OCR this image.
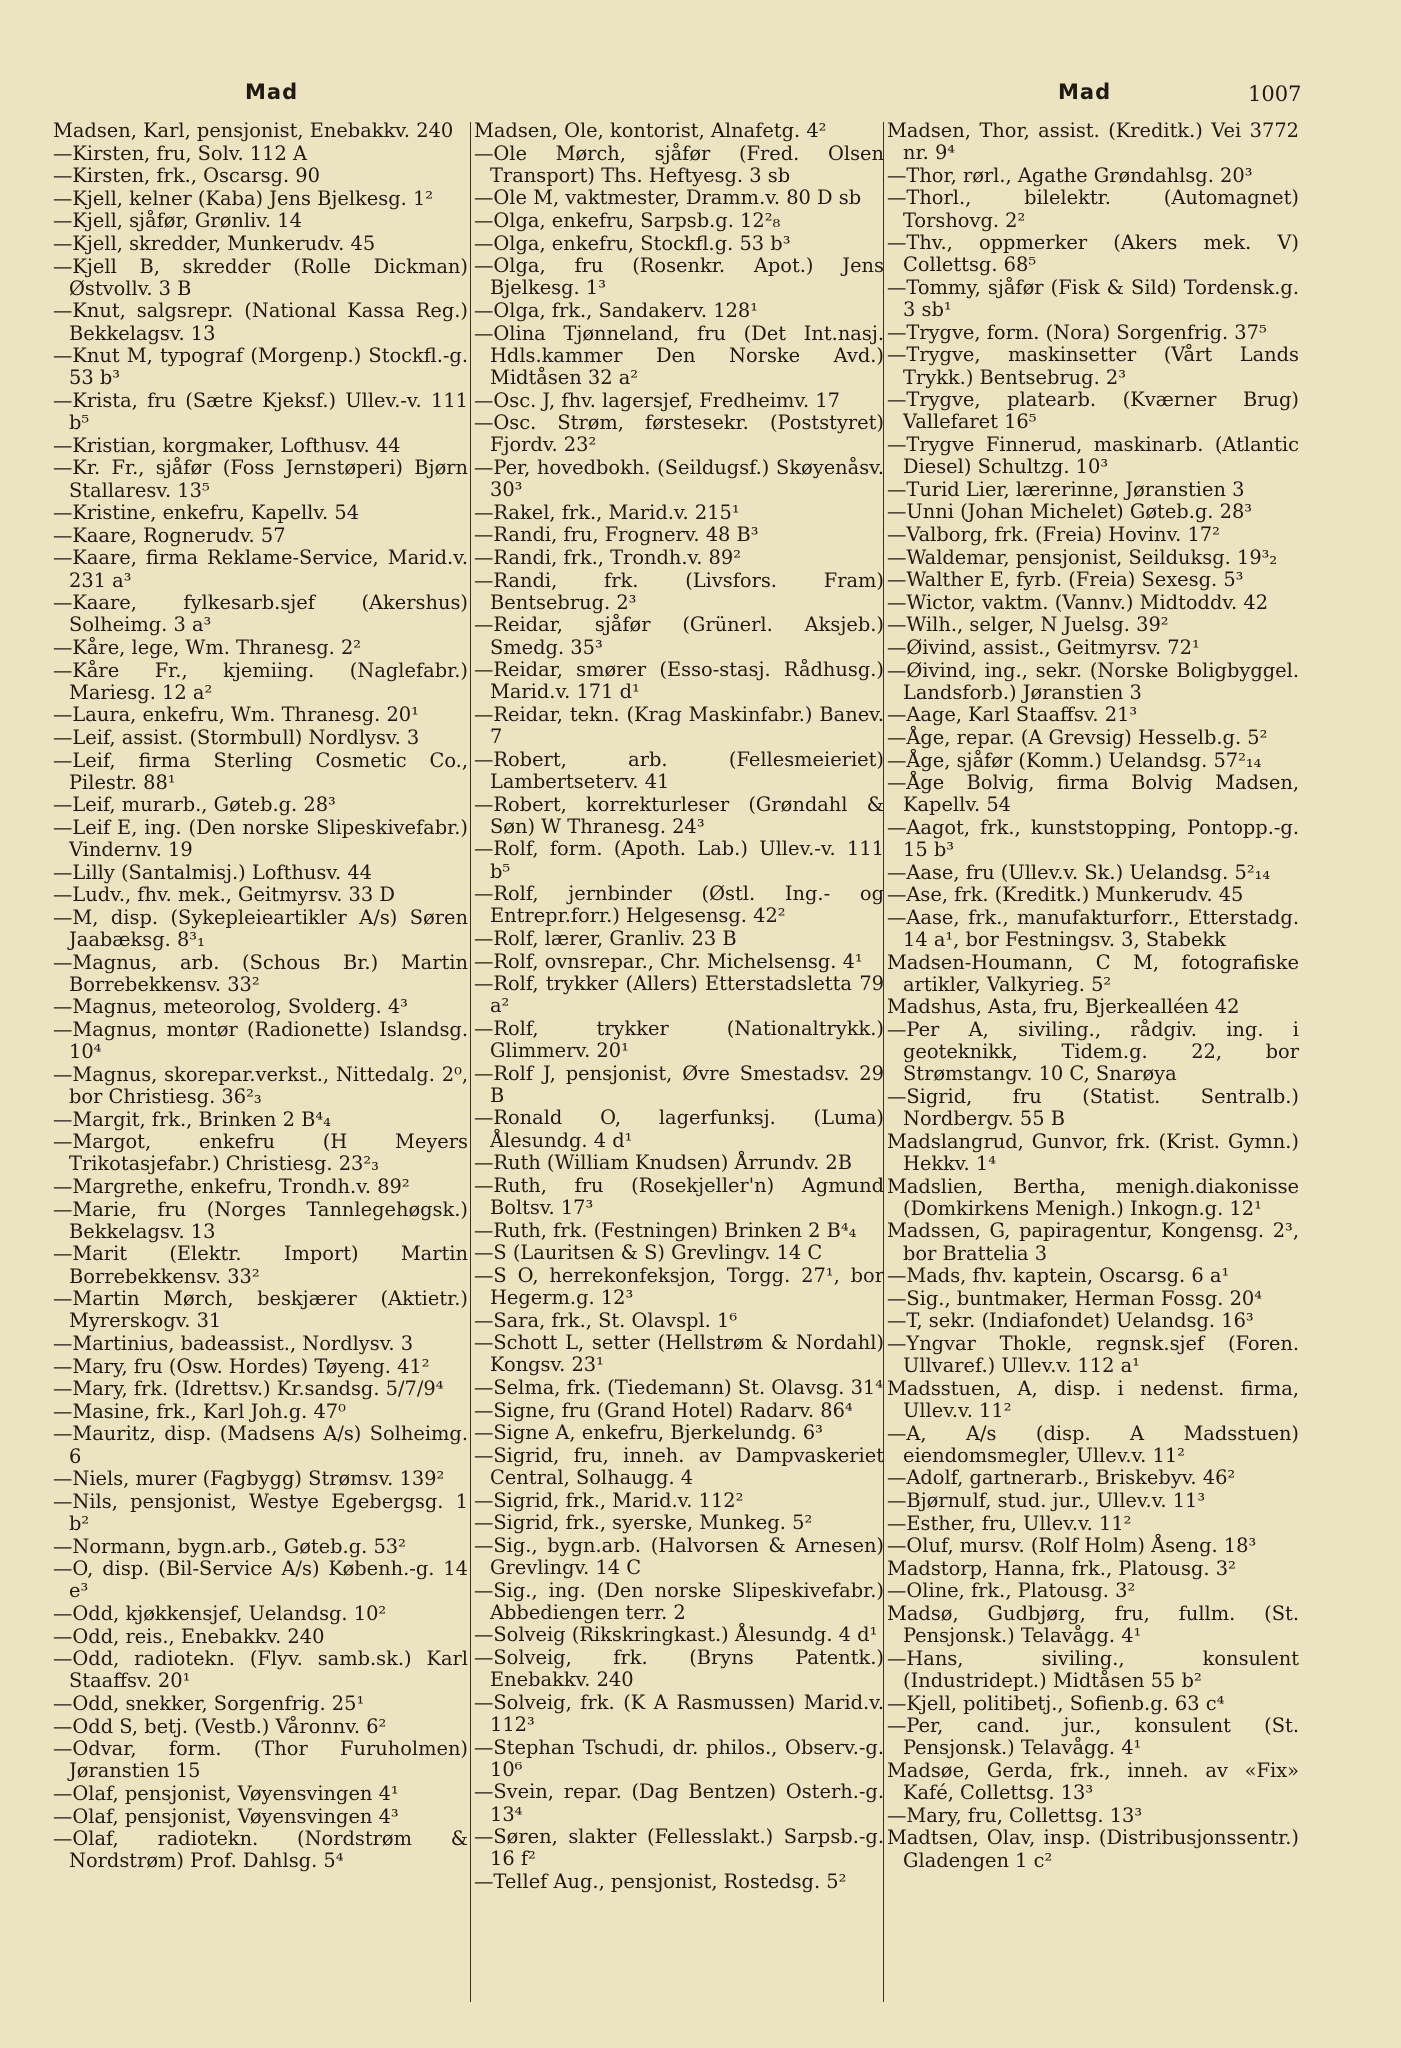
Mad	Mad	1007
Madsen, Karl, pensjonist, Enebakkv. 240
—Kirsten, fru, Solv. 112 A
—Kirsten, frk., Oscarsg. 90
—Kjell, kelner (Kaba) Jens Bjelkesg. 1²
—Kjell, sjåfør, Grønliv. 14
—Kjell, skredder, Munkerudv. 45
—Kjell B, skredder (Rolle Dickman) Østvollv. 3 B
—Knut, salgsrepr. (National Kassa Reg.) Bekkelagsv. 13
—Knut M, typograf (Morgenp.) Stockfl.-g. 53 b³
—Krista, fru (Sætre Kjeksf.) Ullev.-v. 111 b⁵
—Kristian, korgmaker, Lofthusv. 44
—Kr. Fr., sjåfør (Foss Jernstøperi) Bjørn Stallaresv. 13⁵
—Kristine, enkefru, Kapellv. 54
—Kaare, Rognerudv. 57
—Kaare, firma Reklame-Service, Marid.v. 231 a³
—Kaare, fylkesarb.sjef (Akershus) Solheimg. 3 a³
—Kåre, lege, Wm. Thranesg. 2²
—Kåre Fr., kjemiing. (Naglefabr.) Mariesg. 12 a²
—Laura, enkefru, Wm. Thranesg. 20¹
—Leif, assist. (Stormbull) Nordlysv. 3
—Leif, firma Sterling Cosmetic Co., Pilestr. 88¹
—Leif, murarb., Gøteb.g. 28³
—Leif E, ing. (Den norske Slipeskivefabr.) Vindernv. 19
—Lilly (Santalmisj.) Lofthusv. 44
—Ludv., fhv. mek., Geitmyrsv. 33 D
—M, disp. (Sykepleieartikler A/s) Søren Jaabæksg. 8³₁
—Magnus, arb. (Schous Br.) Martin Borrebekkensv. 33²
—Magnus, meteorolog, Svolderg. 4³
—Magnus, montør (Radionette) Islandsg. 10⁴
—Magnus, skorepar.verkst., Nittedalg. 2⁰, bor Christiesg. 36²₃
—Margit, frk., Brinken 2 B⁴₄
—Margot, enkefru (H Meyers Trikotasjefabr.) Christiesg. 23²₃
—Margrethe, enkefru, Trondh.v. 89²
—Marie, fru (Norges Tannlegehøgsk.) Bekkelagsv. 13
—Marit (Elektr. Import) Martin Borrebekkensv. 33²
—Martin Mørch, beskjærer (Aktietr.) Myrerskogv. 31
—Martinius, badeassist., Nordlysv. 3
—Mary, fru (Osw. Hordes) Tøyeng. 41²
—Mary, frk. (Idrettsv.) Kr.sandsg. 5/7/9⁴
—Masine, frk., Karl Joh.g. 47⁰
—Mauritz, disp. (Madsens A/s) Solheimg. 6
—Niels, murer (Fagbygg) Strømsv. 139²
—Nils, pensjonist, Westye Egebergsg. 1 b²
—Normann, bygn.arb., Gøteb.g. 53²
—O, disp. (Bil-Service A/s) Københ.-g. 14 e³
—Odd, kjøkkensjef, Uelandsg. 10²
—Odd, reis., Enebakkv. 240
—Odd, radiotekn. (Flyv. samb.sk.) Karl Staaffsv. 20¹
—Odd, snekker, Sorgenfrig. 25¹
—Odd S, betj. (Vestb.) Våronnv. 6²
—Odvar, form. (Thor Furuholmen) Jøranstien 15
—Olaf, pensjonist, Vøyensvingen 4¹
—Olaf, pensjonist, Vøyensvingen 4³
—Olaf, radiotekn. (Nordstrøm & Nordstrøm) Prof. Dahlsg. 5⁴
Madsen, Ole, kontorist, Alnafetg. 4²
—Ole Mørch, sjåfør (Fred. Olsen Transport) Ths. Heftyesg. 3 sb
—Ole M, vaktmester, Dramm.v. 80 D sb
—Olga, enkefru, Sarpsb.g. 12²₈
—Olga, enkefru, Stockfl.g. 53 b³
—Olga, fru (Rosenkr. Apot.) Jens Bjelkesg. 1³
—Olga, frk., Sandakerv. 128¹
—Olina Tjønneland, fru (Det Int.nasj. Hdls.kammer Den Norske Avd.) Midtåsen 32 a²
—Osc. J, fhv. lagersjef, Fredheimv. 17
—Osc. Strøm, førstesekr. (Poststyret) Fjordv. 23²
—Per, hovedbokh. (Seildugsf.) Skøyenåsv. 30³
—Rakel, frk., Marid.v. 215¹
—Randi, fru, Frognerv. 48 B³
—Randi, frk., Trondh.v. 89²
—Randi, frk. (Livsfors. Fram) Bentsebrug. 2³
—Reidar, sjåfør (Grünerl. Aksjeb.) Smedg. 35³
—Reidar, smører (Esso-stasj. Rådhusg.) Marid.v. 171 d¹
—Reidar, tekn. (Krag Maskinfabr.) Banev. 7
—Robert, arb. (Fellesmeieriet) Lambertseterv. 41
—Robert, korrekturleser (Grøndahl & Søn) W Thranesg. 24³
—Rolf, form. (Apoth. Lab.) Ullev.-v. 111 b⁵
—Rolf, jernbinder (Østl. Ing.- og Entrepr.forr.) Helgesensg. 42²
—Rolf, lærer, Granliv. 23 B
—Rolf, ovnsrepar., Chr. Michelsensg. 4¹
—Rolf, trykker (Allers) Etterstadsletta 79 a²
—Rolf, trykker (Nationaltrykk.) Glimmerv. 20¹
—Rolf J, pensjonist, Øvre Smestadsv. 29 B
—Ronald O, lagerfunksj. (Luma) Ålesundg. 4 d¹
—Ruth (William Knudsen) Årrundv. 2B
—Ruth, fru (Rosekjeller'n) Agmund Boltsv. 17³
—Ruth, frk. (Festningen) Brinken 2 B⁴₄
—S (Lauritsen & S) Grevlingv. 14 C
—S O, herrekonfeksjon, Torgg. 27¹, bor Hegerm.g. 12³
—Sara, frk., St. Olavspl. 1⁶
—Schott L, setter (Hellstrøm & Nordahl) Kongsv. 23¹
—Selma, frk. (Tiedemann) St. Olavsg. 31⁴
—Signe, fru (Grand Hotel) Radarv. 86⁴
—Signe A, enkefru, Bjerkelundg. 6³
—Sigrid, fru, inneh. av Dampvaskeriet Central, Solhaugg. 4
—Sigrid, frk., Marid.v. 112²
—Sigrid, frk., syerske, Munkeg. 5²
—Sig., bygn.arb. (Halvorsen & Arnesen) Grevlingv. 14 C
—Sig., ing. (Den norske Slipeskivefabr.) Abbediengen terr. 2
—Solveig (Rikskringkast.) Ålesundg. 4 d¹
—Solveig, frk. (Bryns Patentk.) Enebakkv. 240
—Solveig, frk. (K A Rasmussen) Marid.v. 112³
—Stephan Tschudi, dr. philos., Observ.-g. 10⁶
—Svein, repar. (Dag Bentzen) Osterh.-g. 13⁴
—Søren, slakter (Fellesslakt.) Sarpsb.-g. 16 f²
—Tellef Aug., pensjonist, Rostedsg. 5²
Madsen, Thor, assist. (Kreditk.) Vei 3772 nr. 9⁴
—Thor, rørl., Agathe Grøndahlsg. 20³
—Thorl., bilelektr. (Automagnet) Torshovg. 2²
—Thv., oppmerker (Akers mek. V) Collettsg. 68⁵
—Tommy, sjåfør (Fisk & Sild) Tordensk.g. 3 sb¹
—Trygve, form. (Nora) Sorgenfrig. 37⁵
—Trygve, maskinsetter (Vårt Lands Trykk.) Bentsebrug. 2³
—Trygve, platearb. (Kværner Brug) Vallefaret 16⁵
—Trygve Finnerud, maskinarb. (Atlantic Diesel) Schultzg. 10³
—Turid Lier, lærerinne, Jøranstien 3
—Unni (Johan Michelet) Gøteb.g. 28³
—Valborg, frk. (Freia) Hovinv. 17²
—Waldemar, pensjonist, Seilduksg. 19³₂
—Walther E, fyrb. (Freia) Sexesg. 5³
—Wictor, vaktm. (Vannv.) Midtoddv. 42
—Wilh., selger, N Juelsg. 39²
—Øivind, assist., Geitmyrsv. 72¹
—Øivind, ing., sekr. (Norske Boligbyggel. Landsforb.) Jøranstien 3
—Aage, Karl Staaffsv. 21³
—Åge, repar. (A Grevsig) Hesselb.g. 5²
—Åge, sjåfør (Komm.) Uelandsg. 57²₁₄
—Åge Bolvig, firma Bolvig Madsen, Kapellv. 54
—Aagot, frk., kunststopping, Pontopp.-g. 15 b³
—Aase, fru (Ullev.v. Sk.) Uelandsg. 5²₁₄
—Ase, frk. (Kreditk.) Munkerudv. 45
—Aase, frk., manufakturforr., Etterstadg. 14 a¹, bor Festningsv. 3, Stabekk
Madsen-Houmann, C M, fotografiske artikler, Valkyrieg. 5²
Madshus, Asta, fru, Bjerkealléen 42
—Per A, siviling., rådgiv. ing. i geoteknikk, Tidem.g. 22, bor Strømstangv. 10 C, Snarøya
—Sigrid, fru (Statist. Sentralb.) Nordbergv. 55 B
Madslangrud, Gunvor, frk. (Krist. Gymn.) Hekkv. 1⁴
Madslien, Bertha, menigh.diakonisse (Domkirkens Menigh.) Inkogn.g. 12¹
Madssen, G, papiragentur, Kongensg. 2³, bor Brattelia 3
—Mads, fhv. kaptein, Oscarsg. 6 a¹
—Sig., buntmaker, Herman Fossg. 20⁴
—T, sekr. (Indiafondet) Uelandsg. 16³
—Yngvar Thokle, regnsk.sjef (Foren. Ullvaref.) Ullev.v. 112 a¹
Madsstuen, A, disp. i nedenst. firma, Ullev.v. 11²
—A, A/s (disp. A Madsstuen) eiendomsmegler, Ullev.v. 11²
—Adolf, gartnerarb., Briskebyv. 46²
—Bjørnulf, stud. jur., Ullev.v. 11³
—Esther, fru, Ullev.v. 11²
—Oluf, mursv. (Rolf Holm) Åseng. 18³
Madstorp, Hanna, frk., Platousg. 3²
—Oline, frk., Platousg. 3²
Madsø, Gudbjørg, fru, fullm. (St. Pensjonsk.) Telavågg. 4¹
—Hans, siviling., konsulent (Industridept.) Midtåsen 55 b²
—Kjell, politibetj., Sofienb.g. 63 c⁴
—Per, cand. jur., konsulent (St. Pensjonsk.) Telavågg. 4¹
Madsøe, Gerda, frk., inneh. av «Fix» Kafé, Collettsg. 13³
—Mary, fru, Collettsg. 13³
Madtsen, Olav, insp. (Distribusjonssentr.) Gladengen 1 c²
